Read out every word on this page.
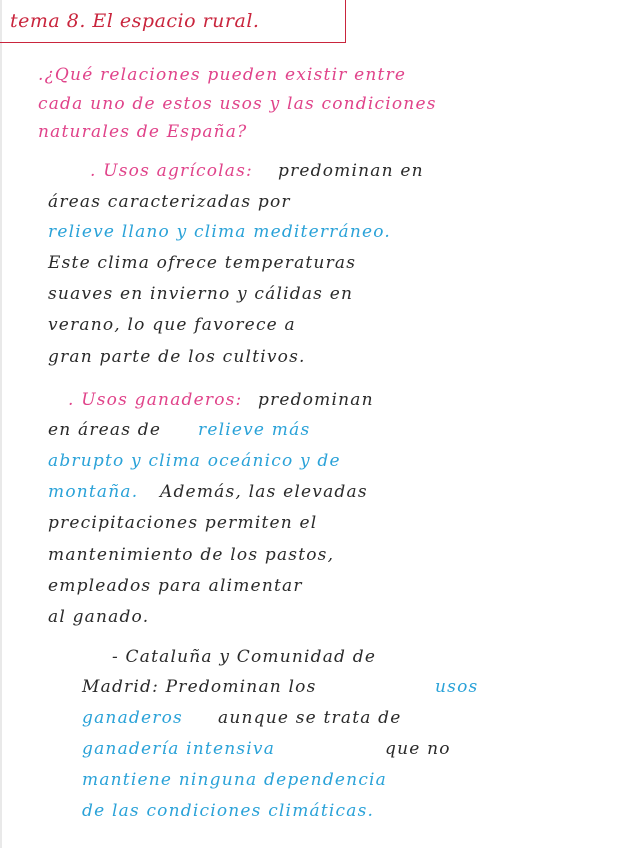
tema 8. El espacio rural.
.¿Qué relaciones pueden existir entre
cada uno de estos usos y las condiciones
naturales de España?
. Usos agrícolas: predominan en
áreas caracterizadas por
relieve llano y clima mediterráneo.
Este clima ofrece temperaturas
suaves en invierno y cálidas en
verano, lo que favorece a
gran parte de los cultivos.
. Usos ganaderos: predominan
en áreas de relieve más
abrupto y clima oceánico y de
montaña. Además, las elevadas
precipitaciones permiten el
mantenimiento de los pastos,
empleados para alimentar
al ganado.
- Cataluña y Comunidad de
Madrid: Predominan los	usos
ganaderos aunque se trata de
ganadería intensiva	que no
mantiene ninguna dependencia
de las condiciones climáticas.
